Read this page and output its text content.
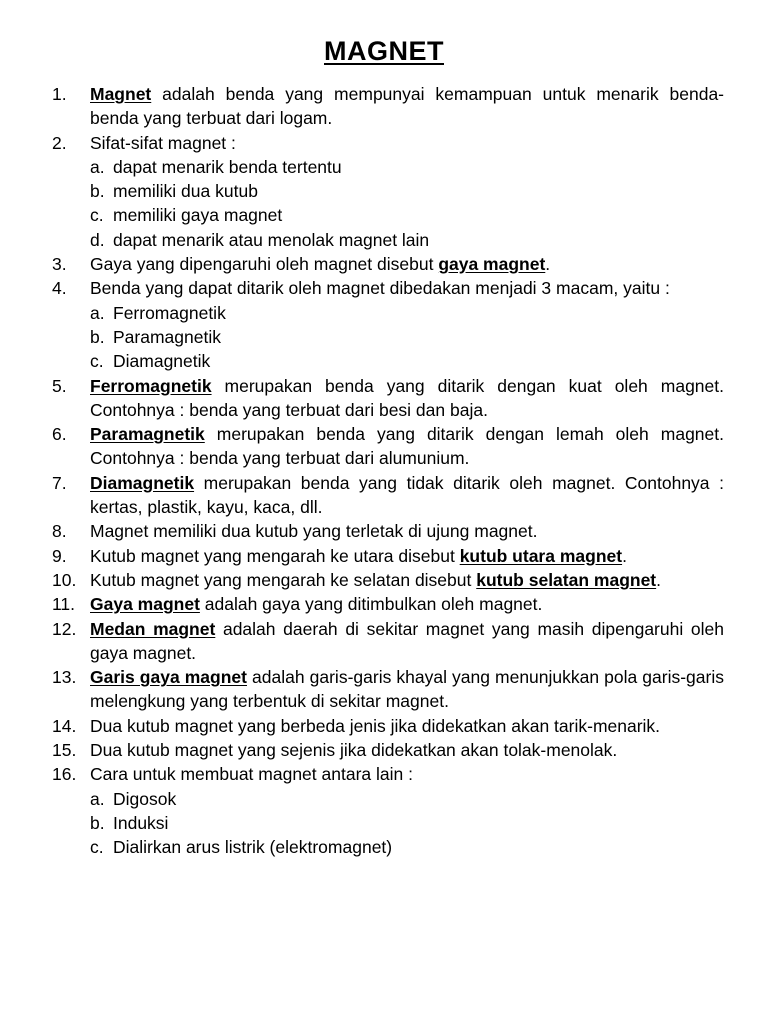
MAGNET
1.	Magnet adalah benda yang mempunyai kemampuan untuk menarik benda-benda yang terbuat dari logam.
2.	Sifat-sifat magnet :
a. dapat menarik benda tertentu
b. memiliki dua kutub
c. memiliki gaya magnet
d. dapat menarik atau menolak magnet lain
3.	Gaya yang dipengaruhi oleh magnet disebut gaya magnet.
4.	Benda yang dapat ditarik oleh magnet dibedakan menjadi 3 macam, yaitu :
a. Ferromagnetik
b. Paramagnetik
c. Diamagnetik
5.	Ferromagnetik merupakan benda yang ditarik dengan kuat oleh magnet. Contohnya : benda yang terbuat dari besi dan baja.
6.	Paramagnetik merupakan benda yang ditarik dengan lemah oleh magnet. Contohnya : benda yang terbuat dari alumunium.
7.	Diamagnetik merupakan benda yang tidak ditarik oleh magnet. Contohnya : kertas, plastik, kayu, kaca, dll.
8.	Magnet memiliki dua kutub yang terletak di ujung magnet.
9.	Kutub magnet yang mengarah ke utara disebut kutub utara magnet.
10. Kutub magnet yang mengarah ke selatan disebut kutub selatan magnet.
11. Gaya magnet adalah gaya yang ditimbulkan oleh magnet.
12. Medan magnet adalah daerah di sekitar magnet yang masih dipengaruhi oleh gaya magnet.
13. Garis gaya magnet adalah garis-garis khayal yang menunjukkan pola garis-garis melengkung yang terbentuk di sekitar magnet.
14. Dua kutub magnet yang berbeda jenis jika didekatkan akan tarik-menarik.
15. Dua kutub magnet yang sejenis jika didekatkan akan tolak-menolak.
16. Cara untuk membuat magnet antara lain :
a. Digosok
b. Induksi
c. Dialirkan arus listrik (elektromagnet)
